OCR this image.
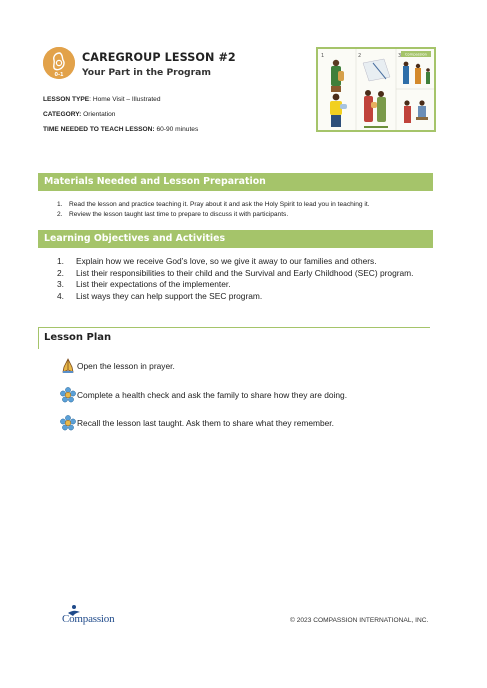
0-1
CAREGROUP LESSON #2
Your Part in the Program
LESSON TYPE: Home Visit – Illustrated
CATEGORY: Orientation
TIME NEEDED TO TEACH LESSON: 60-90 minutes
1	2	3 Compassion
Materials Needed and Lesson Preparation
1. Read the lesson and practice teaching it. Pray about it and ask the Holy Spirit to lead you in teaching it.
2. Review the lesson taught last time to prepare to discuss it with participants.
Learning Objectives and Activities
1.	Explain how we receive God’s love, so we give it away to our families and others.
2.	List their responsibilities to their child and the Survival and Early Childhood (SEC) program.
3.	List their expectations of the implementer.
4.	List ways they can help support the SEC program.
Lesson Plan
Open the lesson in prayer.
Complete a health check and ask the family to share how they are doing.
Recall the lesson last taught. Ask them to share what they remember.
Compassion	© 2023 COMPASSION INTERNATIONAL, INC.
